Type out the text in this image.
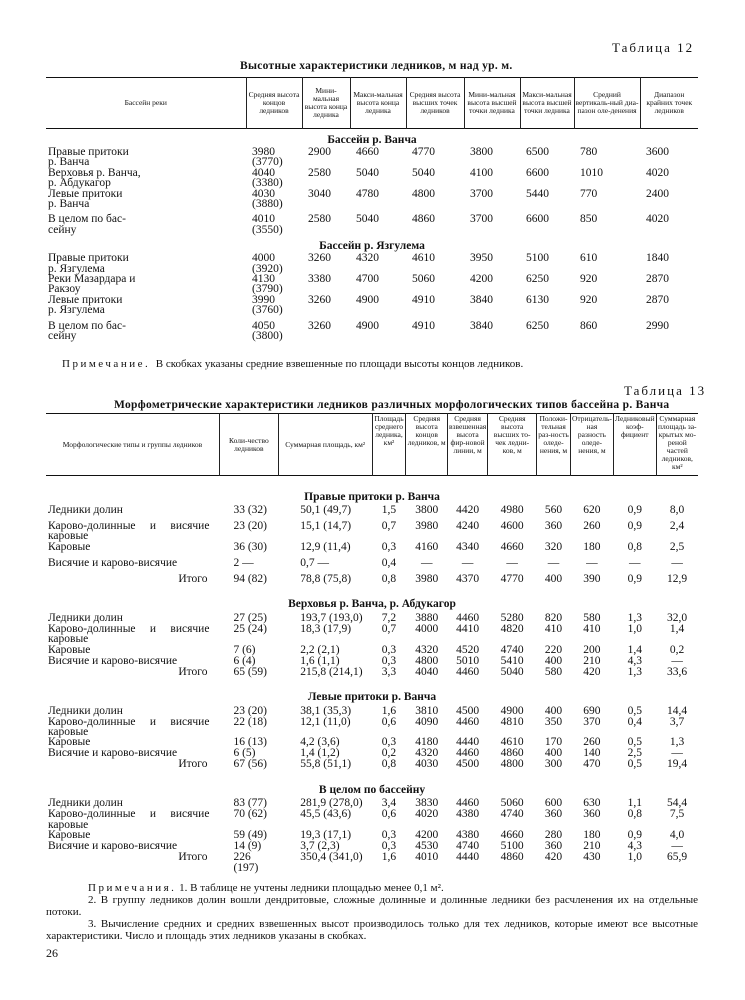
Таблица 12
Высотные характеристики ледников, м над ур. м.
Бассейн реки	Средняя высота концов ледников	Мини-мальная высота конца ледника	Макси-мальная высота конца ледника	Средняя высота высших точек ледников	Мини-мальная высота высшей точки ледника	Макси-мальная высота высшей точки ледника	Средний вертикаль-ный диа-пазон оле-денения	Диапазон крайних точек ледников
Бассейн р. Ванча								
Правые притоки	3980	2900	4660	4770	3800	6500	780	3600
р. Ванча	(3770)							
Верховья р. Ванча,	4040	2580	5040	5040	4100	6600	1010	4020
р. Абдукагор	(3380)							
Левые притоки	4030	3040	4780	4800	3700	5440	770	2400
р. Ванча	(3880)							

В целом по бас-	4010	2580	5040	4860	3700	6600	850	4020
сейну	(3550)							
Бассейн р. Язгулема								
Правые притоки	4000	3260	4320	4610	3950	5100	610	1840
р. Язгулема	(3920)							
Реки Мазардара и	4130	3380	4700	5060	4200	6250	920	2870
Ракзоу	(3790)							
Левые притоки	3990	3260	4900	4910	3840	6130	920	2870
р. Язгулема	(3760)							

В целом по бас-	4050	3260	4900	4910	3840	6250	860	2990
сейну	(3800)							
Примечание. В скобках указаны средние взвешенные по площади высоты концов ледников.
Таблица 13
Морфометрические характеристики ледников различных морфологических типов бассейна р. Ванча
Морфологические типы и группы ледников	Коли-чество ледников	Суммарная площадь, км²	Площадь среднего ледника, км²	Средняя высота концов ледников, м	Средняя взвешенная высота фир-новой линии, м	Средняя высота высших то-чек ледни-ков, м	Положи-тельная раз-ность оледе-нения, м	Отрицатель-ная разность оледе-нения, м	Ледниковый коэф-фициент	Суммарная площадь за-крытых мо-реной частей ледников, км²

Правые притоки р. Ванча										
Ледники долин	33 (32)	50,1 (49,7)	1,5	3800	4420	4980	560	620	0,9	8,0
Карово-долинные и висячие каровые	23 (20)	15,1 (14,7)	0,7	3980	4240	4600	360	260	0,9	2,4
Каровые	36 (30)	12,9 (11,4)	0,3	4160	4340	4660	320	180	0,8	2,5
Висячие и карово-висячие	2 —	0,7 —	0,4	—	—	—	—	—	—	—
Итого	94 (82)	78,8 (75,8)	0,8	3980	4370	4770	400	390	0,9	12,9
Верховья р. Ванча, р. Абдукагор										
Ледники долин	27 (25)	193,7 (193,0)	7,2	3880	4460	5280	820	580	1,3	32,0
Карово-долинные и висячие каровые	25 (24)	18,3 (17,9)	0,7	4000	4410	4820	410	410	1,0	1,4
Каровые	7 (6)	2,2 (2,1)	0,3	4320	4520	4740	220	200	1,4	0,2
Висячие и карово-висячие	6 (4)	1,6 (1,1)	0,3	4800	5010	5410	400	210	4,3	—
Итого	65 (59)	215,8 (214,1)	3,3	4040	4460	5040	580	420	1,3	33,6
Левые притоки р. Ванча										
Ледники долин	23 (20)	38,1 (35,3)	1,6	3810	4500	4900	400	690	0,5	14,4
Карово-долинные и висячие каровые	22 (18)	12,1 (11,0)	0,6	4090	4460	4810	350	370	0,4	3,7
Каровые	16 (13)	4,2 (3,6)	0,3	4180	4440	4610	170	260	0,5	1,3
Висячие и карово-висячие	6 (5)	1,4 (1,2)	0,2	4320	4460	4860	400	140	2,5	—
Итого	67 (56)	55,8 (51,1)	0,8	4030	4500	4800	300	470	0,5	19,4
В целом по бассейну										
Ледники долин	83 (77)	281,9 (278,0)	3,4	3830	4460	5060	600	630	1,1	54,4
Карово-долинные и висячие каровые	70 (62)	45,5 (43,6)	0,6	4020	4380	4740	360	360	0,8	7,5
Каровые	59 (49)	19,3 (17,1)	0,3	4200	4380	4660	280	180	0,9	4,0
Висячие и карово-висячие	14 (9)	3,7 (2,3)	0,3	4530	4740	5100	360	210	4,3	—
Итого	226 (197)	350,4 (341,0)	1,6	4010	4440	4860	420	430	1,0	65,9
Примечания. 1. В таблице не учтены ледники площадью менее 0,1 м².
2. В группу ледников долин вошли дендритовые, сложные долинные и долинные ледники без расчленения их на отдельные потоки.
3. Вычисление средних и средних взвешенных высот производилось только для тех ледников, которые имеют все высотные характеристики. Число и площадь этих ледников указаны в скобках.
26
